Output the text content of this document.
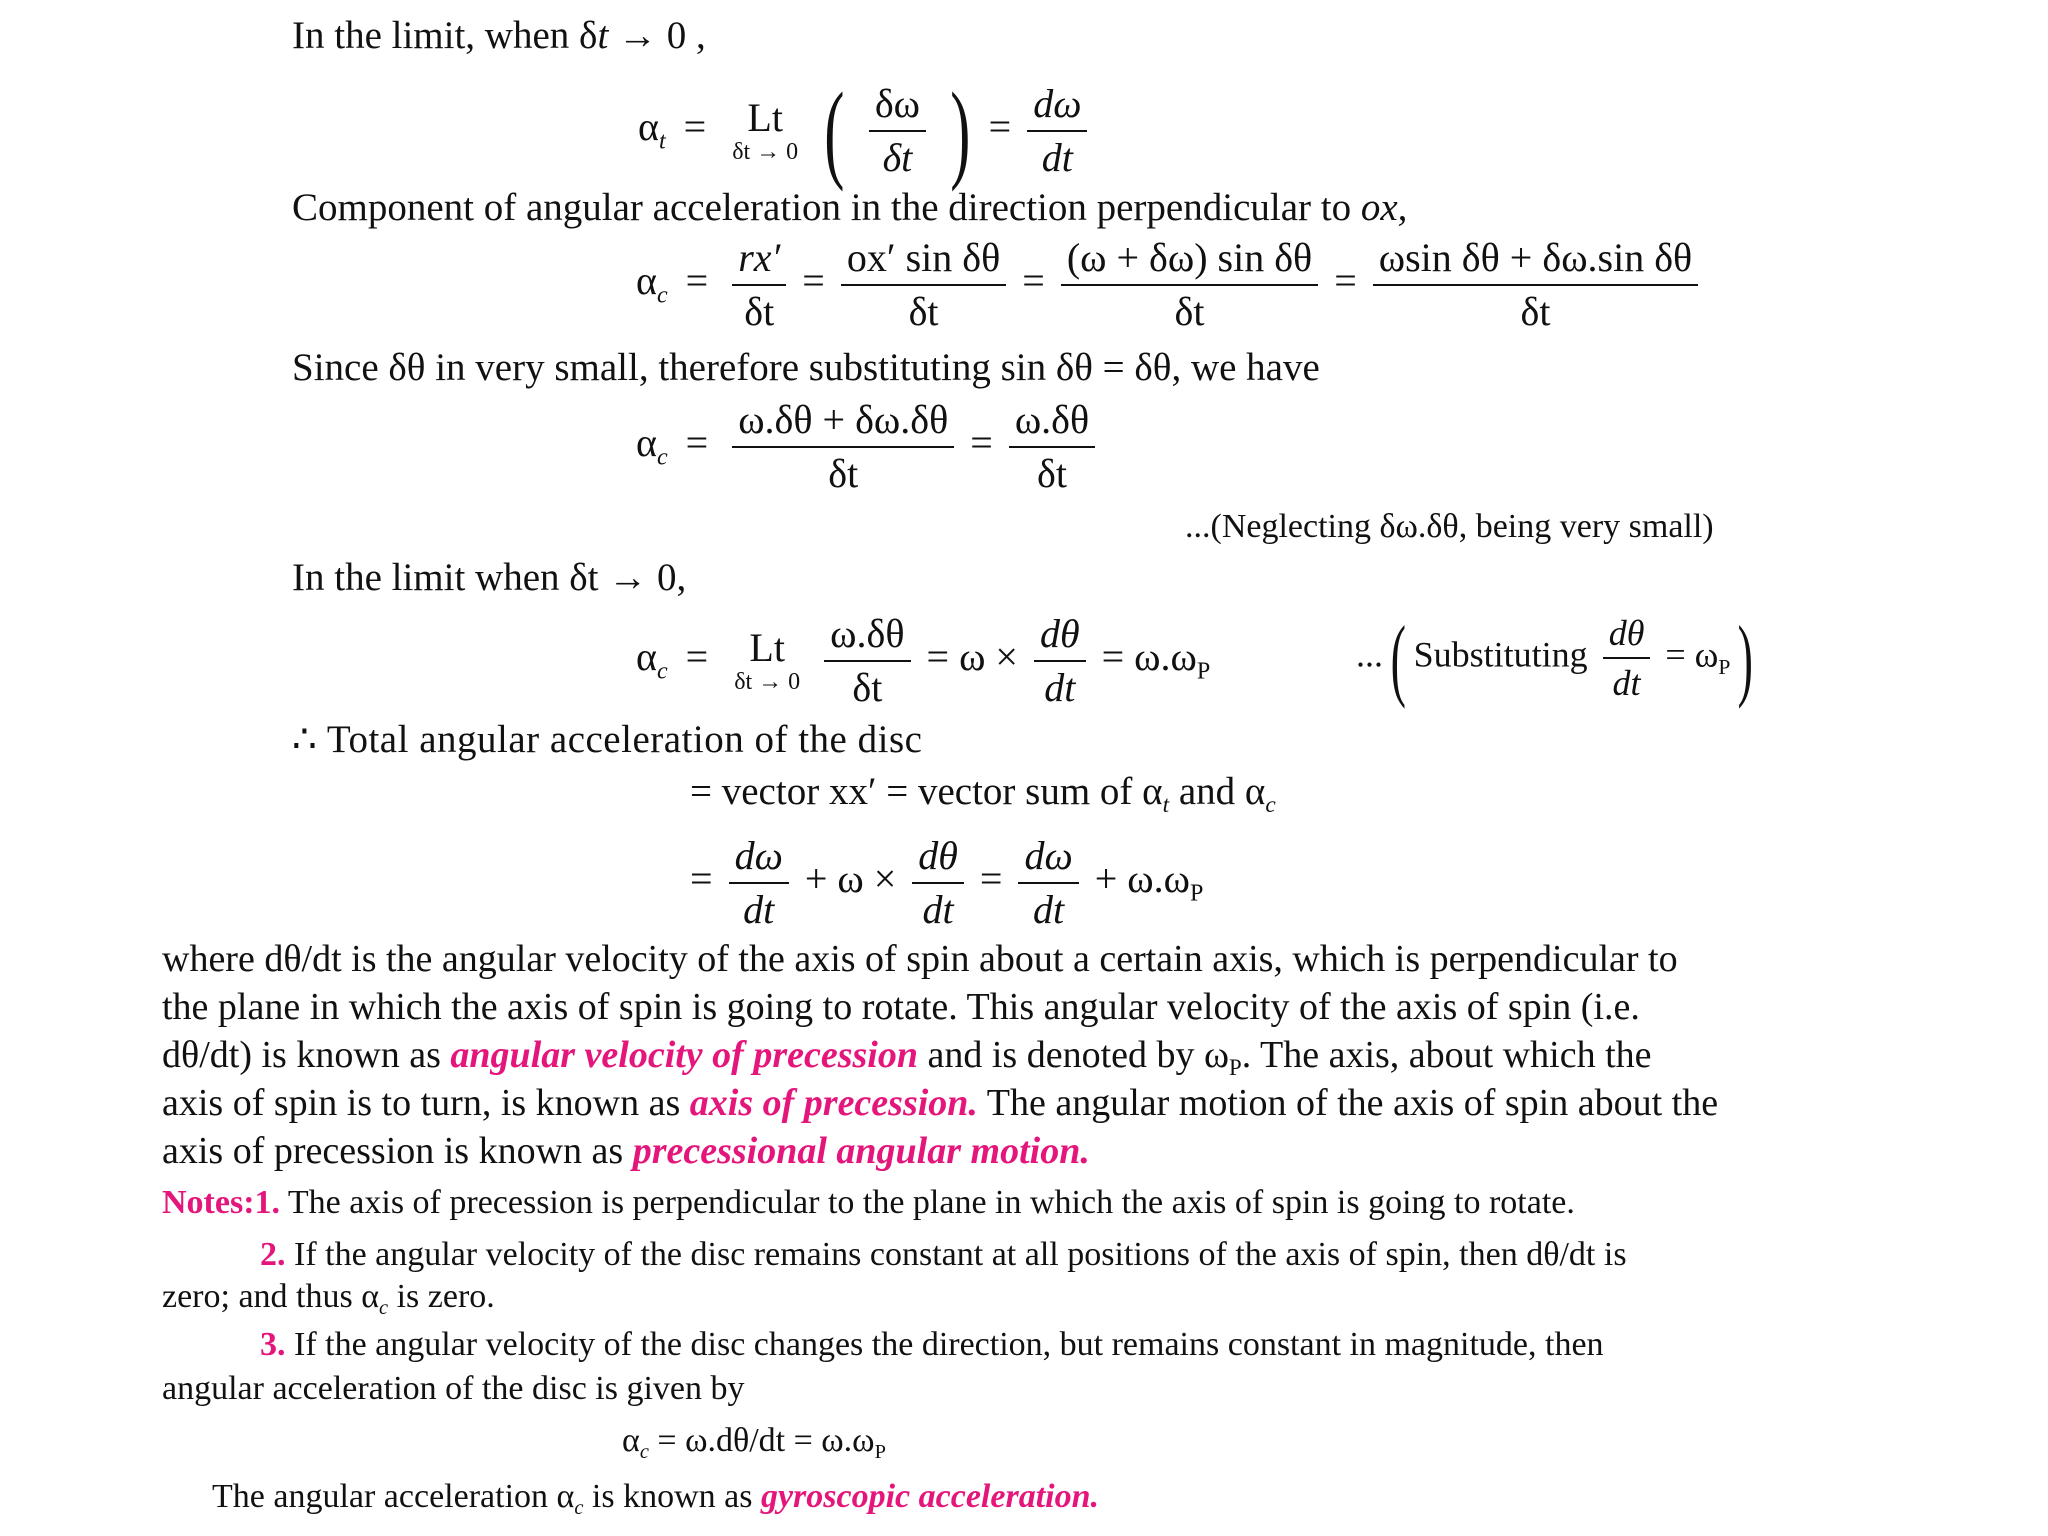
In the limit, when δt → 0 ,
$\alpha_t = Lt$
δt → 0 ( $\frac{\delta\omega}{\delta t}$ ) = $\frac{d\omega}{dt}$
Component of angular acceleration in the direction perpendicular to ox,
$\alpha_c = \frac{rx'}{\delta t} = \frac{\text{ox′ sin δθ}}{\delta t} = \frac{\text{(ω + δω) sin δθ}}{\delta t} = \frac{\text{ωsin δθ + δω.sin δθ}}{\delta t}$
Since δθ in very small, therefore substituting sin δθ = δθ, we have
$\alpha_c = \frac{\omega.\delta\theta + \delta\omega.\delta\theta}{\delta t} = \frac{\omega.\delta\theta}{\delta t}$
...(Neglecting δω.δθ, being very small)
In the limit when δt → 0,
$\alpha_c = Lt$
δt → 0
$\frac{\omega.\delta\theta}{\delta t} = \omega \times \frac{d\theta}{dt} = \omega.\omega_P$	...( Substituting $\frac{d\theta}{dt} = \omega_P$)
∴ Total angular acceleration of the disc
= vector xx′ = vector sum of $\alpha_t$ and $\alpha_c$
= $\frac{d\omega}{dt} + \omega \times \frac{d\theta}{dt} = \frac{d\omega}{dt} + \omega.\omega_P$
where dθ/dt is the angular velocity of the axis of spin about a certain axis, which is perpendicular to
the plane in which the axis of spin is going to rotate. This angular velocity of the axis of spin (i.e.
dθ/dt) is known as angular velocity of precession and is denoted by $\omega_P$. The axis, about which the
axis of spin is to turn, is known as axis of precession. The angular motion of the axis of spin about the
axis of precession is known as precessional angular motion.
Notes:1. The axis of precession is perpendicular to the plane in which the axis of spin is going to rotate.
2. If the angular velocity of the disc remains constant at all positions of the axis of spin, then dθ/dt is
zero; and thus $\alpha_c$ is zero.
3. If the angular velocity of the disc changes the direction, but remains constant in magnitude, then
angular acceleration of the disc is given by
$\alpha_c = \omega.d\theta/dt = \omega.\omega_P$
The angular acceleration $\alpha_c$ is known as gyroscopic acceleration.
